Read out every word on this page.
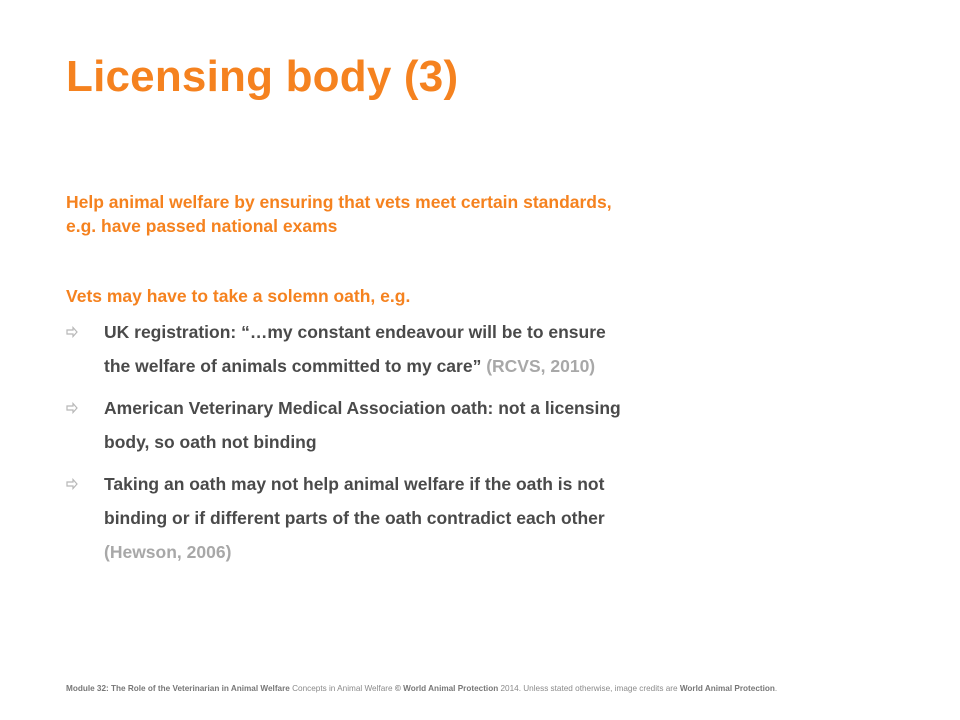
Licensing body (3)

Help animal welfare by ensuring that vets meet certain standards, e.g. have passed national exams

Vets may have to take a solemn oath, e.g.

UK registration: “…my constant endeavour will be to ensure the welfare of animals committed to my care” (RCVS, 2010)
American Veterinary Medical Association oath: not a licensing body, so oath not binding
Taking an oath may not help animal welfare if the oath is not binding or if different parts of the oath contradict each other (Hewson, 2006)
Module 32: The Role of the Veterinarian in Animal Welfare Concepts in Animal Welfare © World Animal Protection 2014. Unless stated otherwise, image credits are World Animal Protection.
